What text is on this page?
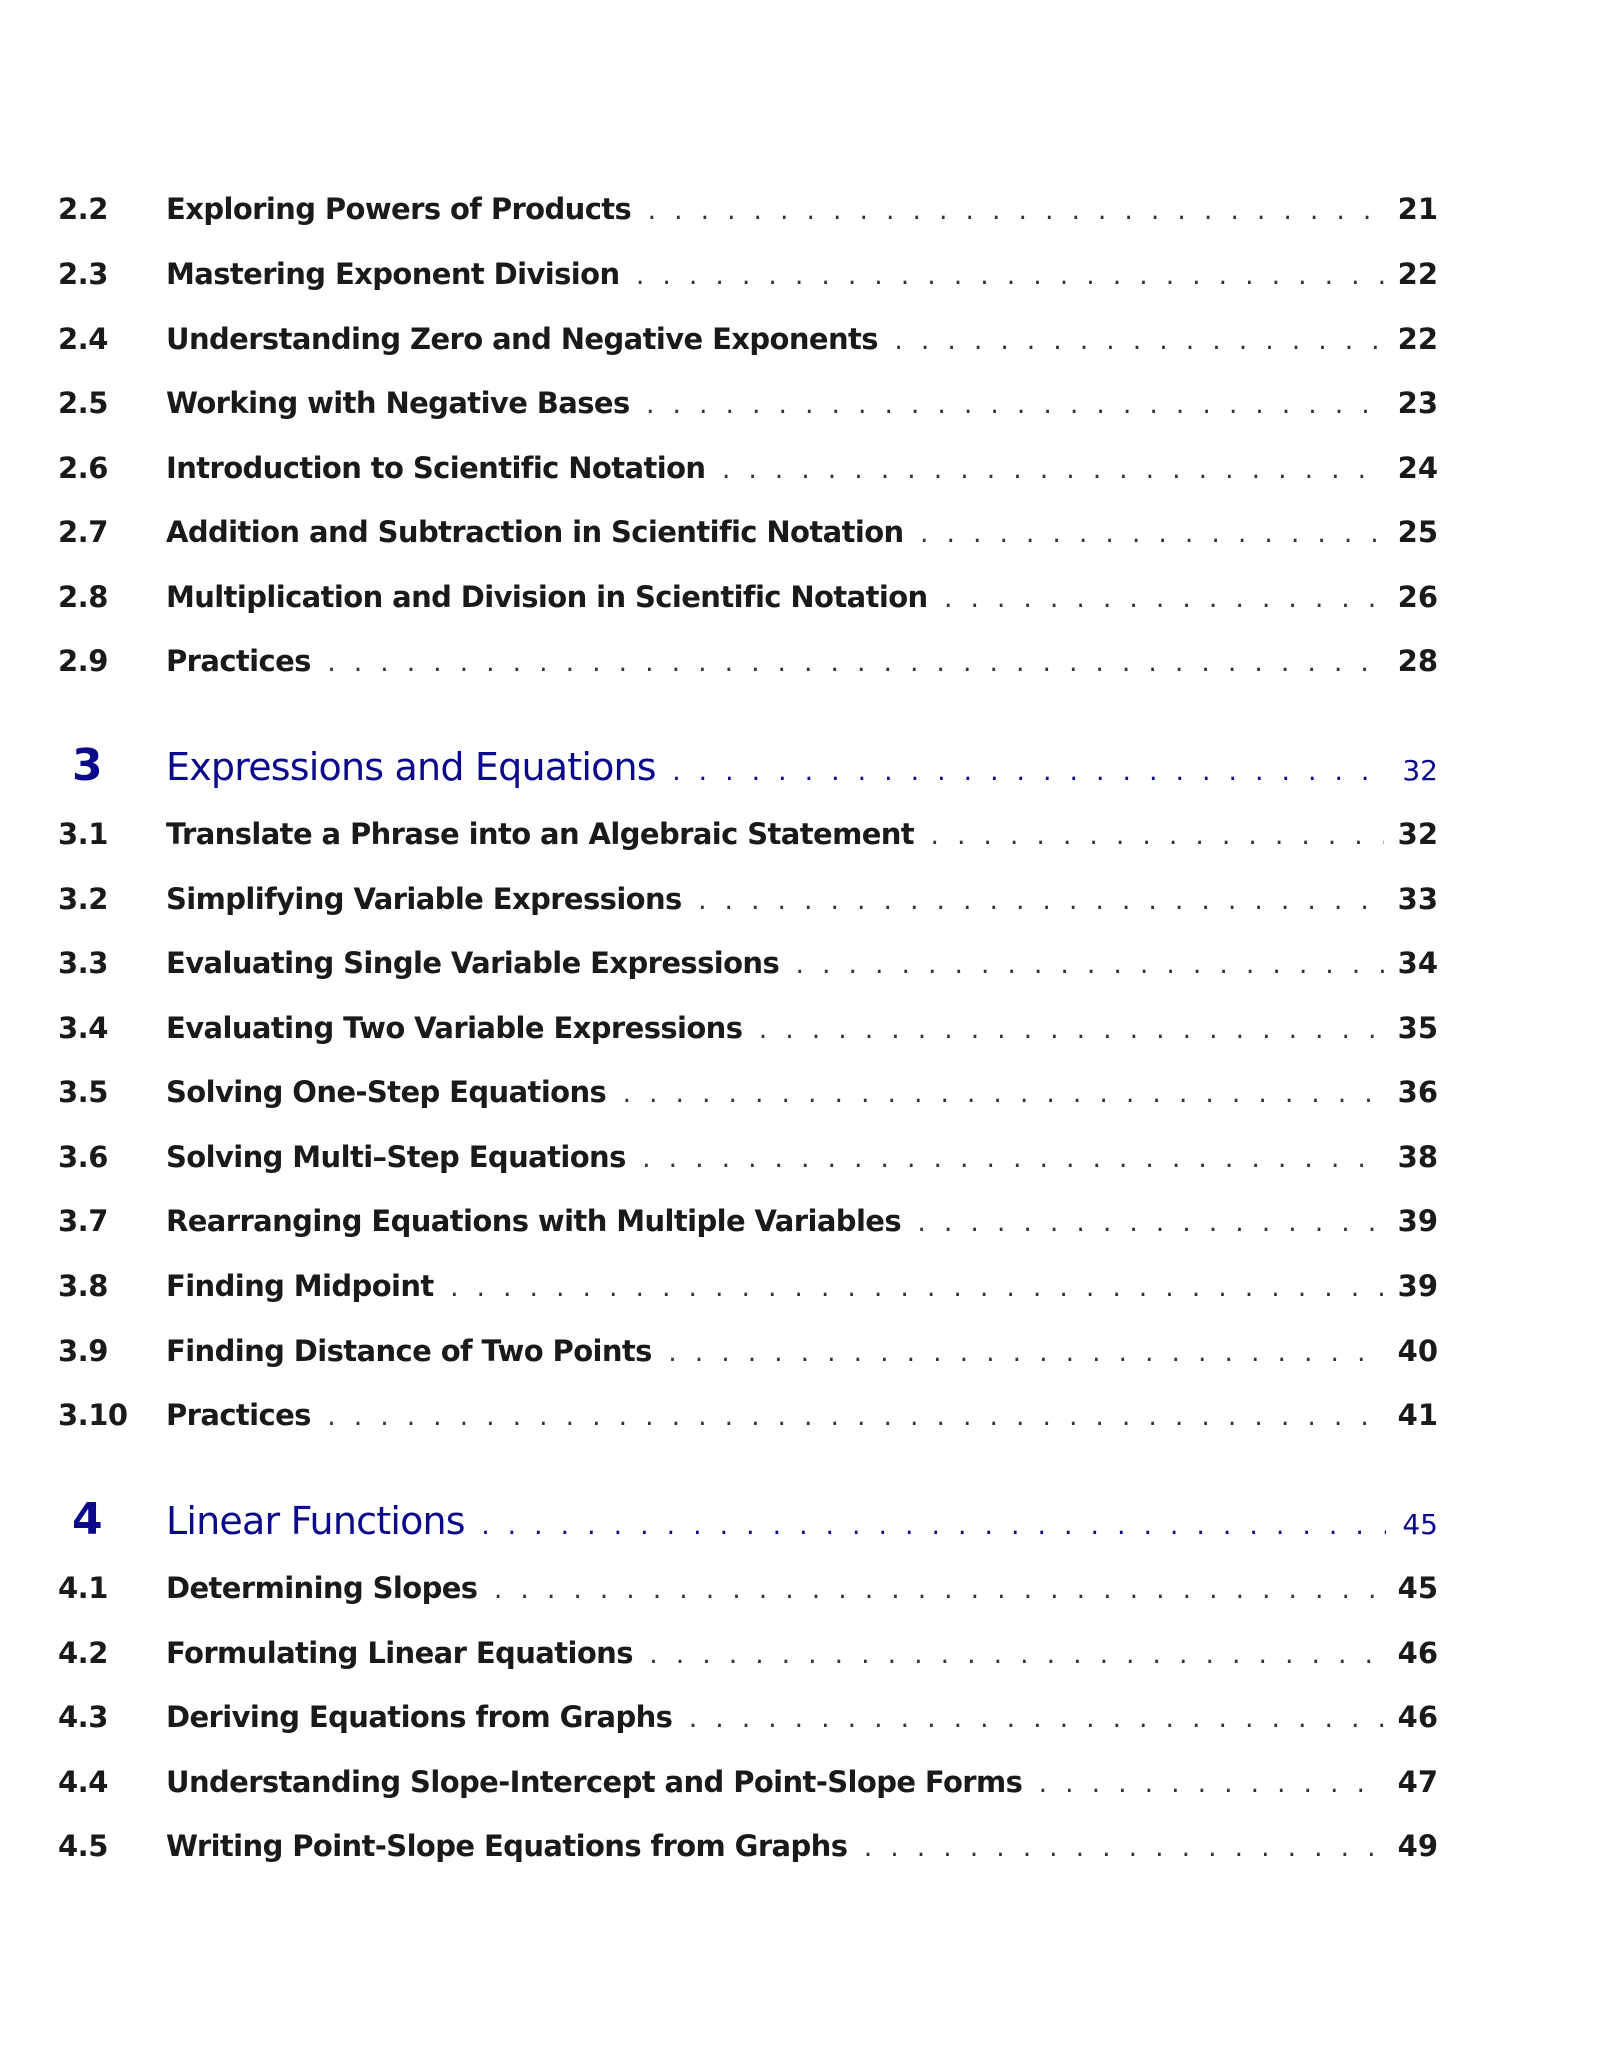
2.2	Exploring Powers of Products . . .	21
2.3	Mastering Exponent Division . . .	22
2.4	Understanding Zero and Negative Exponents . . .	22
2.5	Working with Negative Bases . . .	23
2.6	Introduction to Scientific Notation . . .	24
2.7	Addition and Subtraction in Scientific Notation . . .	25
2.8	Multiplication and Division in Scientific Notation . . .	26
2.9	Practices . . .	28
3	Expressions and Equations . . .	32
3.1	Translate a Phrase into an Algebraic Statement . . .	32
3.2	Simplifying Variable Expressions . . .	33
3.3	Evaluating Single Variable Expressions . . .	34
3.4	Evaluating Two Variable Expressions . . .	35
3.5	Solving One-Step Equations . . .	36
3.6	Solving Multi–Step Equations . . .	38
3.7	Rearranging Equations with Multiple Variables . . .	39
3.8	Finding Midpoint . . .	39
3.9	Finding Distance of Two Points . . .	40
3.10	Practices . . .	41
4	Linear Functions . . .	45
4.1	Determining Slopes . . .	45
4.2	Formulating Linear Equations . . .	46
4.3	Deriving Equations from Graphs . . .	46
4.4	Understanding Slope-Intercept and Point-Slope Forms . . .	47
4.5	Writing Point-Slope Equations from Graphs . . .	49
